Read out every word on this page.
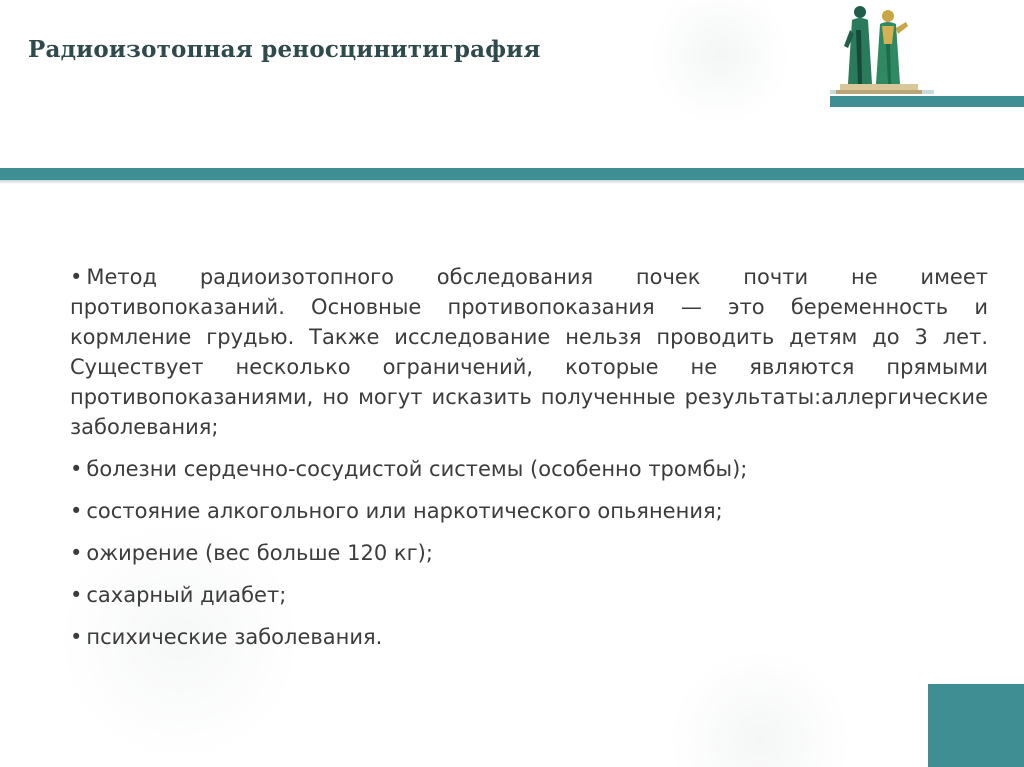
Радиоизотопная реносцинитиграфия

• Метод радиоизотопного обследования почек почти не имеет противопоказаний. Основные противопоказания — это беременность и кормление грудью. Также исследование нельзя проводить детям до 3 лет. Существует несколько ограничений, которые не являются прямыми противопоказаниями, но могут исказить полученные результаты:аллергические заболевания;

• болезни сердечно-сосудистой системы (особенно тромбы);

• состояние алкогольного или наркотического опьянения;

• ожирение (вес больше 120 кг);

• сахарный диабет;

• психические заболевания.
